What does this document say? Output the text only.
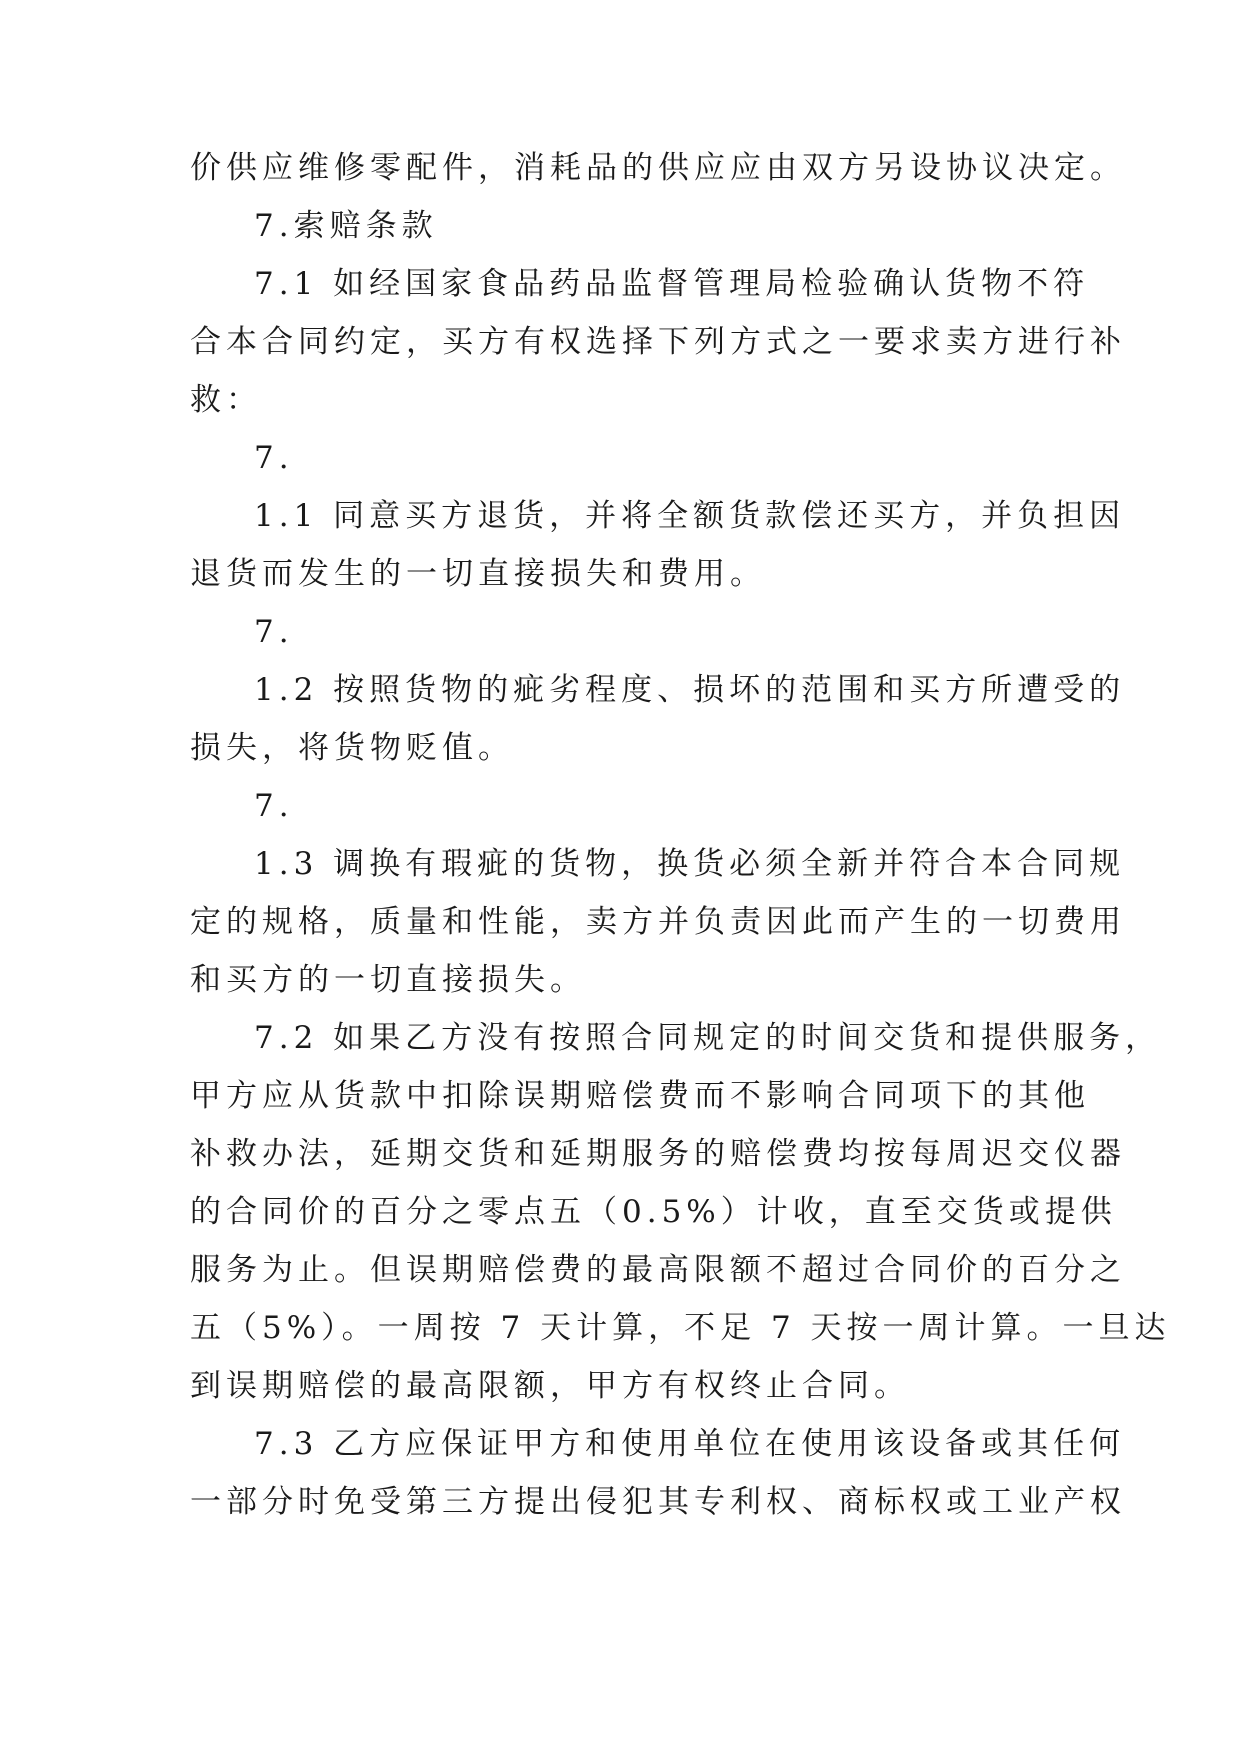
价供应维修零配件，消耗品的供应应由双方另设协议决定。
7.索赔条款
7.1 如经国家食品药品监督管理局检验确认货物不符
合本合同约定，买方有权选择下列方式之一要求卖方进行补
救：
7.
1.1 同意买方退货，并将全额货款偿还买方，并负担因
退货而发生的一切直接损失和费用。
7.
1.2 按照货物的疵劣程度、损坏的范围和买方所遭受的
损失，将货物贬值。
7.
1.3 调换有瑕疵的货物，换货必须全新并符合本合同规
定的规格，质量和性能，卖方并负责因此而产生的一切费用
和买方的一切直接损失。
7.2 如果乙方没有按照合同规定的时间交货和提供服务，
甲方应从货款中扣除误期赔偿费而不影响合同项下的其他
补救办法，延期交货和延期服务的赔偿费均按每周迟交仪器
的合同价的百分之零点五（0.5%）计收，直至交货或提供
服务为止。但误期赔偿费的最高限额不超过合同价的百分之
五（5%）。一周按 7 天计算，不足 7 天按一周计算。一旦达
到误期赔偿的最高限额，甲方有权终止合同。
7.3 乙方应保证甲方和使用单位在使用该设备或其任何
一部分时免受第三方提出侵犯其专利权、商标权或工业产权
